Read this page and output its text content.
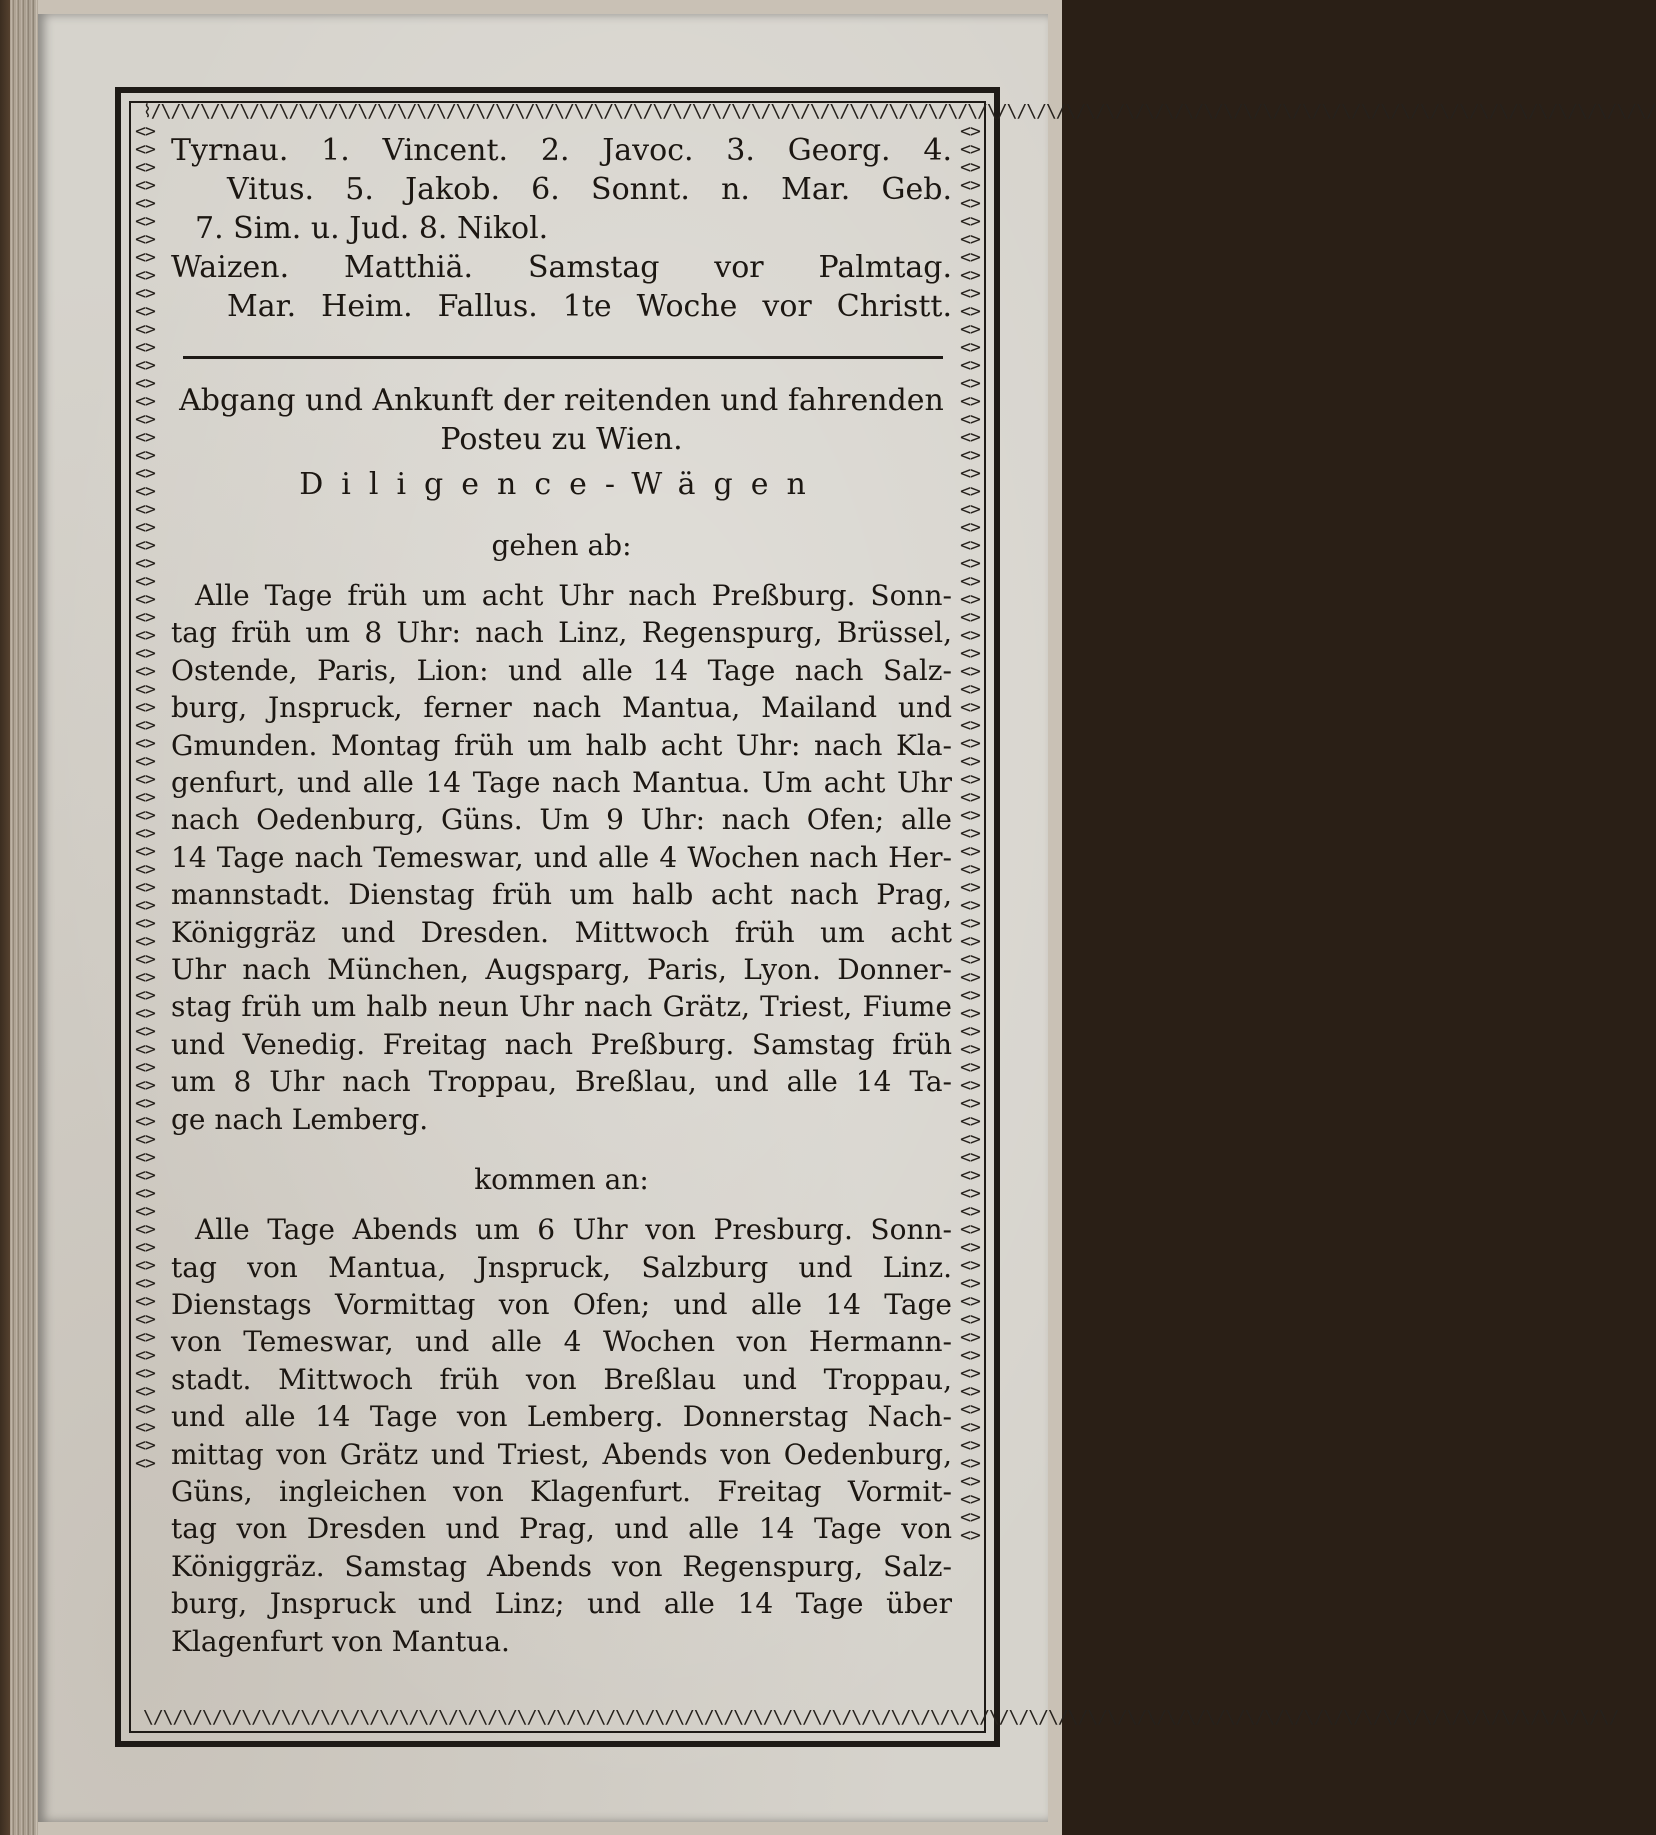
⌇/\/\/\/\/\/\/\/\/\/\/\/\/\/\/\/\/\/\/\/\/\/\/\/\/\/\/\/\/\/\/\/\/\/\/\/\/\/\/\/\/\/\/\/\/\/\/\/\/\/\/\/\/\/\/\/\/\/\/\/\/\/\/\/\/\/\/\/\/\/\/\/\/\/\/\/\/
\/\/\/\/\/\/\/\/\/\/\/\/\/\/\/\/\/\/\/\/\/\/\/\/\/\/\/\/\/\/\/\/\/\/\/\/\/\/\/\/\/\/\/\/\/\/\/\/\/\/\/\/\/\/\/\/\/\/\/\/\/\/\/\/\/\/\/\/\/\/\/\/\/\/\/
<><><><><><><><><><><><><><><><><><><><><><><><><><><><><><><><><><><><><><><><><><><><><><><><><><><><><><><><><><><><><><><><><><><><><><><><><><><>
<><><><><><><><><><><><><><><><><><><><><><><><><><><><><><><><><><><><><><><><><><><><><><><><><><><><><><><><><><><><><><><><><><><><><><><><><><><><><><><>
Tyrnau. 1. Vincent. 2. Javoc. 3. Georg. 4.
Vitus. 5. Jakob. 6. Sonnt. n. Mar. Geb.
7. Sim. u. Jud. 8. Nikol.
Waizen. Matthiä. Samstag vor Palmtag.
Mar. Heim. Fallus. 1te Woche vor Christt.
Abgang und Ankunft der reitenden und fahrenden
Posteu zu Wien.
Diligence-Wägen
gehen ab:
Alle Tage früh um acht Uhr nach Preßburg. Sonn-
tag früh um 8 Uhr: nach Linz, Regenspurg, Brüssel,
Ostende, Paris, Lion: und alle 14 Tage nach Salz-
burg, Jnspruck, ferner nach Mantua, Mailand und
Gmunden. Montag früh um halb acht Uhr: nach Kla-
genfurt, und alle 14 Tage nach Mantua. Um acht Uhr
nach Oedenburg, Güns. Um 9 Uhr: nach Ofen; alle
14 Tage nach Temeswar, und alle 4 Wochen nach Her-
mannstadt. Dienstag früh um halb acht nach Prag,
Königgräz und Dresden. Mittwoch früh um acht
Uhr nach München, Augsparg, Paris, Lyon. Donner-
stag früh um halb neun Uhr nach Grätz, Triest, Fiume
und Venedig. Freitag nach Preßburg. Samstag früh
um 8 Uhr nach Troppau, Breßlau, und alle 14 Ta-
ge nach Lemberg.
kommen an:
Alle Tage Abends um 6 Uhr von Presburg. Sonn-
tag von Mantua, Jnspruck, Salzburg und Linz.
Dienstags Vormittag von Ofen; und alle 14 Tage
von Temeswar, und alle 4 Wochen von Hermann-
stadt. Mittwoch früh von Breßlau und Troppau,
und alle 14 Tage von Lemberg. Donnerstag Nach-
mittag von Grätz und Triest, Abends von Oedenburg,
Güns, ingleichen von Klagenfurt. Freitag Vormit-
tag von Dresden und Prag, und alle 14 Tage von
Königgräz. Samstag Abends von Regenspurg, Salz-
burg, Jnspruck und Linz; und alle 14 Tage über
Klagenfurt von Mantua.
